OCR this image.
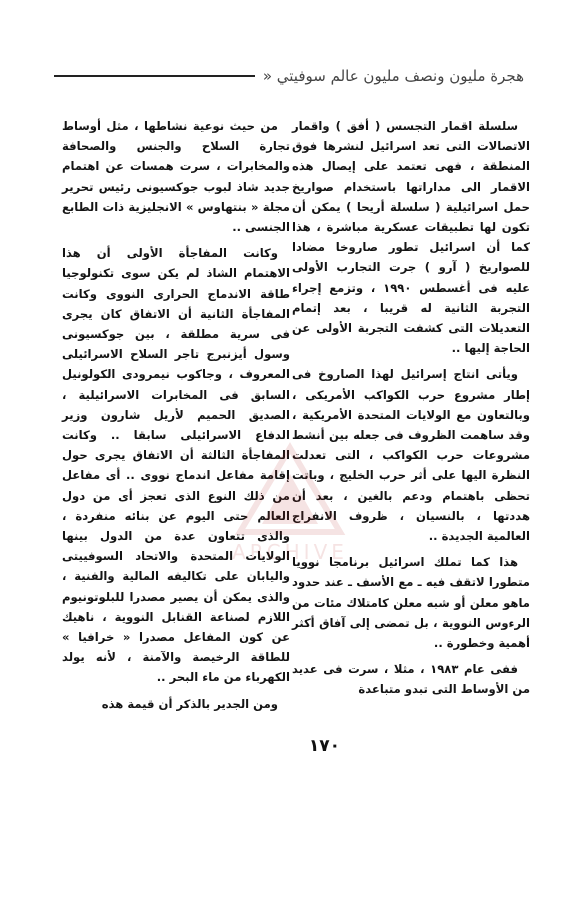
هجرة مليون ونصف مليون عالم سوفيتي «

سلسلة اقمار التجسس ( أفق ) واقمار الاتصالات التى تعد اسرائيل لنشرها فوق المنطقة ، فهى تعتمد على إيصال هذه الاقمار الى مداراتها باستخدام صواريخ حمل اسرائيلية ( سلسلة أريحا ) يمكن أن تكون لها تطبيقات عسكرية مباشرة ، هذا كما أن اسرائيل تطور صاروخا مضادا للصواريخ ( آرو ) جرت التجارب الأولى عليه فى أغسطس ١٩٩٠ ، وتزمع إجراء التجربة الثانية له قريبا ، بعد إتمام التعديلات التى كشفت التجربة الأولى عن الحاجة إليها ..

ويأتى انتاج إسرائيل لهذا الصاروخ فى إطار مشروع حرب الكواكب الأمريكى ، وبالتعاون مع الولايات المتحدة الأمريكية ، وقد ساهمت الظروف فى جعله بين أنشط مشروعات حرب الكواكب ، التى تعدلت النظرة اليها على أثر حرب الخليج ، وباتت تحظى باهتمام ودعم بالغين ، بعد أن هددتها ، بالنسيان ، ظروف الانفراج العالمية الجديدة ..

هذا كما تملك اسرائيل برنامجا نوويا متطورا لاتقف فيه ـ مع الأسف ـ عند حدود ماهو معلن أو شبه معلن كامتلاك مئات من الرءوس النووية ، بل تمضى إلى آفاق أكثر أهمية وخطورة ..

ففى عام ١٩٨٣ ، مثلا ، سرت فى عديد من الأوساط التى تبدو متباعدة

من حيث نوعية نشاطها ، مثل أوساط تجارة السلاح والجنس والصحافة والمخابرات ، سرت همسات عن اهتمام جديد شاذ لبوب جوكسيونى رئيس تحرير مجلة « بنتهاوس » الانجليزية ذات الطابع الجنسى ..

وكانت المفاجأة الأولى أن هذا الاهتمام الشاذ لم يكن سوى تكنولوجيا طاقة الاندماج الحرارى النووى وكانت المفاجأة الثانية أن الاتفاق كان يجرى فى سرية مطلقة ، بين جوكسيونى وسول أيزنبرج تاجر السلاح الاسرائيلى المعروف ، وجاكوب نيمرودى الكولونيل السابق فى المخابرات الاسرائيلية ، الصديق الحميم لأريل شارون وزير الدفاع الاسرائيلى سابقا .. وكانت المفاجأة الثالثة أن الاتفاق يجرى حول إقامة مفاعل اندماج نووى .. أى مفاعل من ذلك النوع الذى تعجز أى من دول العالم حتى اليوم عن بنائه منفردة ، والذى تتعاون عدة من الدول بينها الولايات المتحدة والاتحاد السوفييتى واليابان على تكاليفه المالية والفنية ، والذى يمكن أن يصير مصدرا للبلوتونيوم اللازم لصناعة القنابل النووية ، ناهيك عن كون المفاعل مصدرا « خرافيا » للطاقة الرخيصة والآمنة ، لأنه يولد الكهرباء من ماء البحر ..

ومن الجدير بالذكر أن قيمة هذه

١٧٠
ARCHIVE
